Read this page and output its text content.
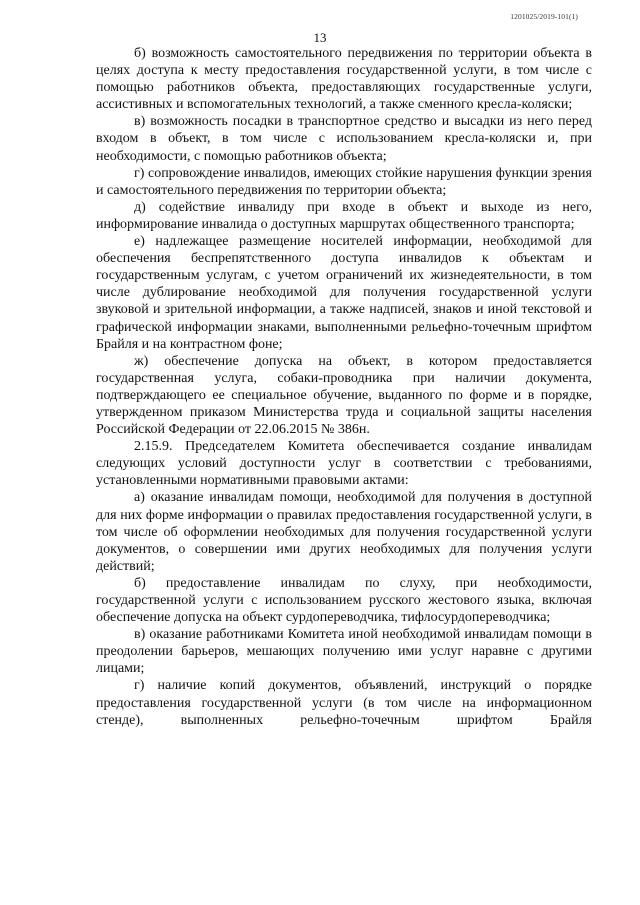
1201025/2019-101(1)
13

б) возможность самостоятельного передвижения по территории объекта в целях доступа к месту предоставления государственной услуги, в том числе с помощью работников объекта, предоставляющих государственные услуги, ассистивных и вспомогательных технологий, а также сменного кресла-коляски;

в) возможность посадки в транспортное средство и высадки из него перед входом в объект, в том числе с использованием кресла-коляски и, при необходимости, с помощью работников объекта;

г) сопровождение инвалидов, имеющих стойкие нарушения функции зрения и самостоятельного передвижения по территории объекта;

д) содействие инвалиду при входе в объект и выходе из него, информирование инвалида о доступных маршрутах общественного транспорта;

е) надлежащее размещение носителей информации, необходимой для обеспечения беспрепятственного доступа инвалидов к объектам и государственным услугам, с учетом ограничений их жизнедеятельности, в том числе дублирование необходимой для получения государственной услуги звуковой и зрительной информации, а также надписей, знаков и иной текстовой и графической информации знаками, выполненными рельефно-точечным шрифтом Брайля и на контрастном фоне;

ж) обеспечение допуска на объект, в котором предоставляется государственная услуга, собаки-проводника при наличии документа, подтверждающего ее специальное обучение, выданного по форме и в порядке, утвержденном приказом Министерства труда и социальной защиты населения Российской Федерации от 22.06.2015 № 386н.

2.15.9. Председателем Комитета обеспечивается создание инвалидам следующих условий доступности услуг в соответствии с требованиями, установленными нормативными правовыми актами:

а) оказание инвалидам помощи, необходимой для получения в доступной для них форме информации о правилах предоставления государственной услуги, в том числе об оформлении необходимых для получения государственной услуги документов, о совершении ими других необходимых для получения услуги действий;

б) предоставление инвалидам по слуху, при необходимости, государственной услуги с использованием русского жестового языка, включая обеспечение допуска на объект сурдопереводчика, тифлосурдопереводчика;

в) оказание работниками Комитета иной необходимой инвалидам помощи в преодолении барьеров, мешающих получению ими услуг наравне с другими лицами;

г) наличие копий документов, объявлений, инструкций о порядке предоставления государственной услуги (в том числе на информационном стенде), выполненных рельефно-точечным шрифтом Брайля
